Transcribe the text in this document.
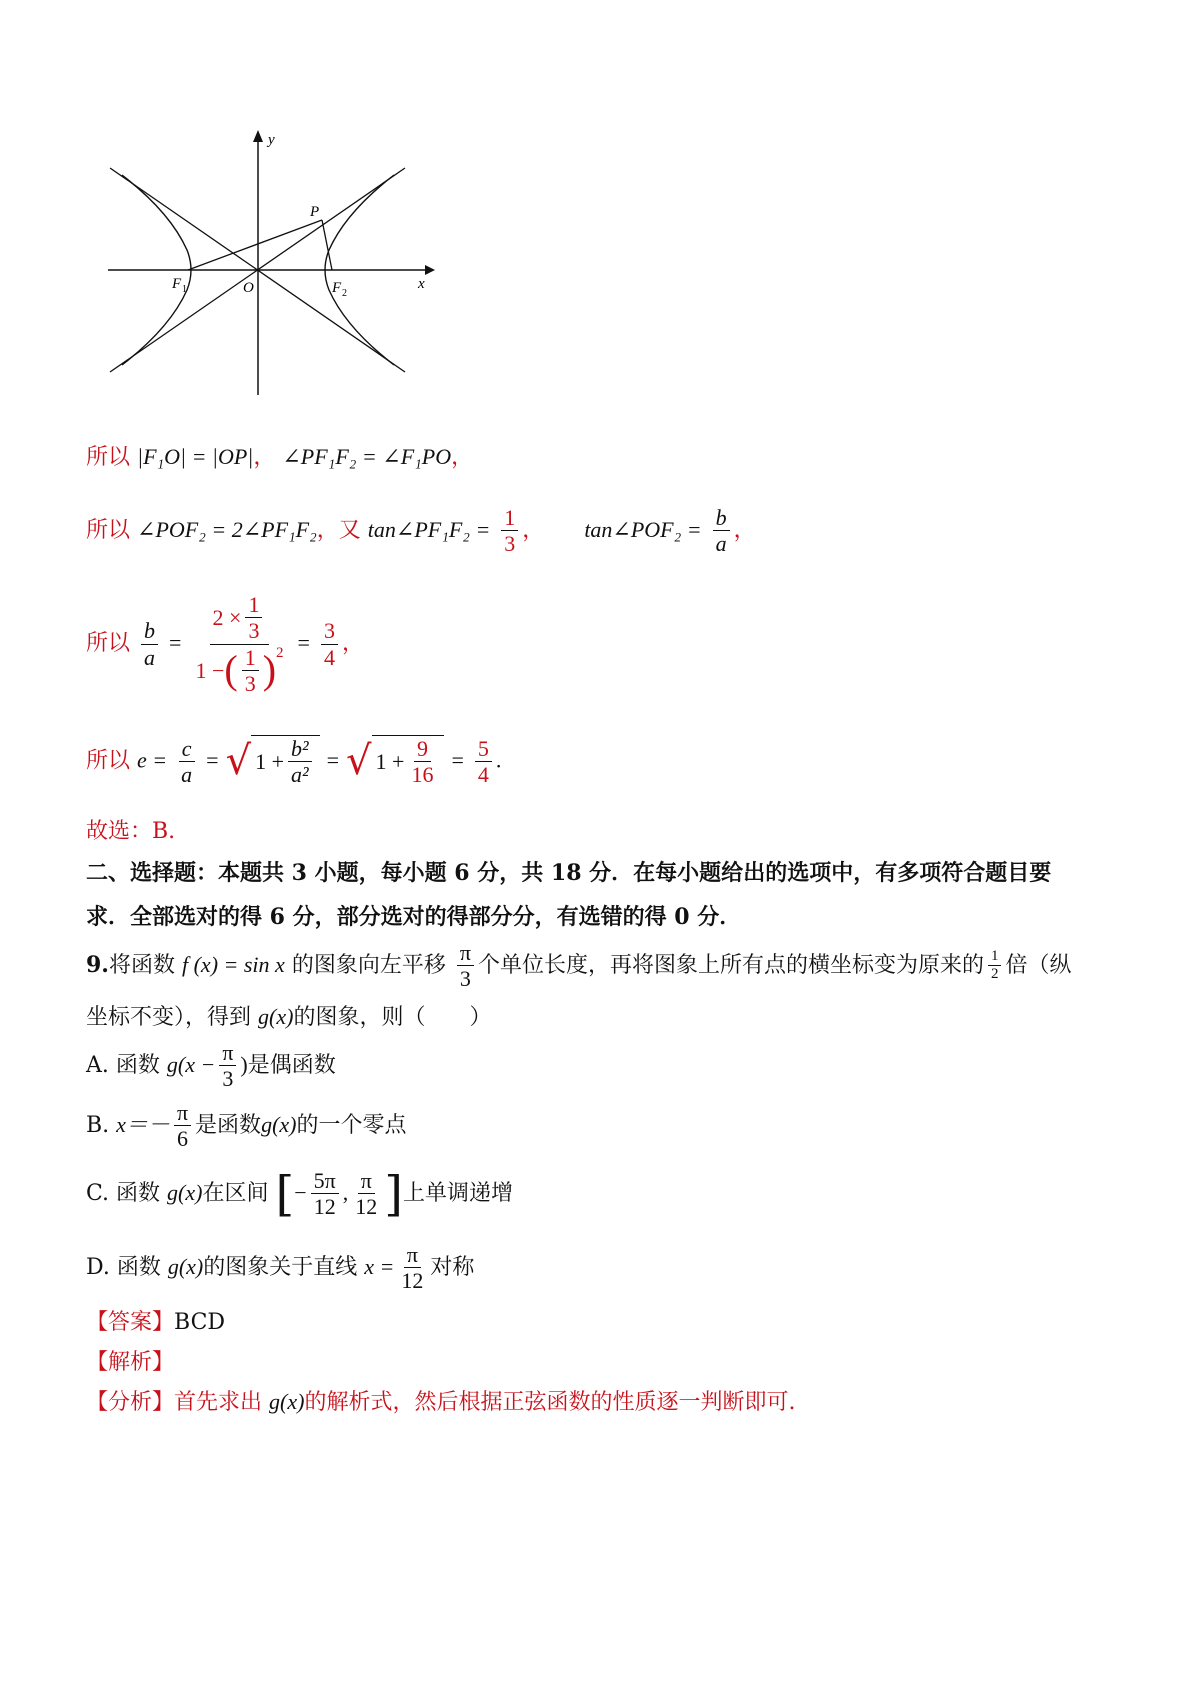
y
x
P
F 1	O	F 2
所以 |F₁O| = |OP|， ∠PF₁F₂ = ∠F₁PO，
所以 ∠POF₂ = 2∠PF₁F₂，又 tan∠PF₁F₂ = $\frac{1}{3}$ ， tan∠POF₂ = $\frac{b}{a}$ ，
所以 $\frac{b}{a} = \frac{2 \times \frac{1}{3}}{1 - ( \frac{1}{3} )^2} = \frac{3}{4}$ ，
所以 $e = \frac{c}{a}$ = √ $1 + \frac{\text{b²}}{\text{a²}}$ = √ $1 + \frac{9}{16} = \frac{5}{4}$ .
故选：B.
二、选择题：本题共 3 小题，每小题 6 分，共 18 分．在每小题给出的选项中，有多项符合题目要
求．全部选对的得 6 分，部分选对的得部分分，有选错的得 0 分．
9.将函数 f (x) = sin x 的图象向左平移 $\frac{\pi}{3}$ 个单位长度，再将图象上所有点的横坐标变为原来的 $\frac{1}{2}$ 倍（纵
坐标不变），得到 g(x)的图象，则（　　）
A. 函数 $g(x - \frac{\pi}{3}$ )是偶函数
B. $x=- \frac{\pi}{6}$ 是函数g(x)的一个零点
C. 函数 g(x)在区间 [− $\frac{5\pi}{12}$ , $\frac{\pi}{12}$ ]上单调递增
D. 函数 g(x)的图象关于直线 $x = \frac{\pi}{12}$ 对称
【答案】BCD
【解析】
【分析】首先求出 g(x)的解析式，然后根据正弦函数的性质逐一判断即可.
